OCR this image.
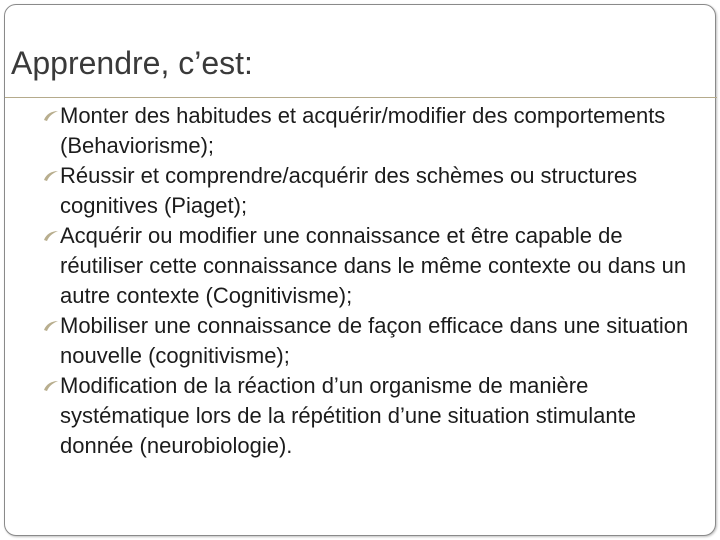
Apprendre, c’est:
Monter des habitudes et acquérir/modifier des comportements (Behaviorisme);
Réussir et comprendre/acquérir des schèmes ou structures cognitives (Piaget);
Acquérir ou modifier une connaissance et être capable de réutiliser cette connaissance dans le même contexte ou dans un autre contexte (Cognitivisme);
Mobiliser une connaissance de façon efficace dans une situation nouvelle (cognitivisme);
Modification de la réaction d’un organisme de manière systématique lors de la répétition d’une situation stimulante donnée (neurobiologie).
